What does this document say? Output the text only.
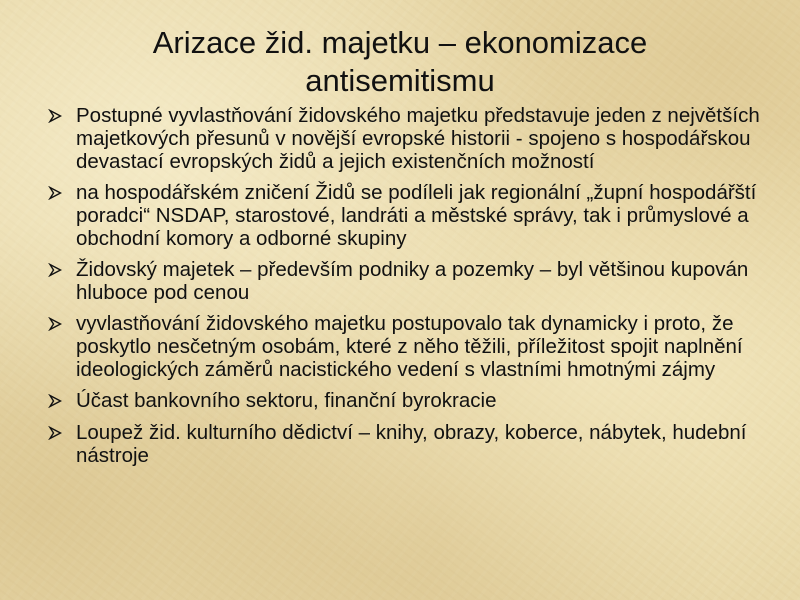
Arizace žid. majetku – ekonomizace
antisemitismu
Postupné vyvlastňování židovského majetku představuje jeden z největších majetkových přesunů v novější evropské historii - spojeno s hospodářskou devastací evropských židů a jejich existenčních možností
na hospodářském zničení Židů se podíleli jak regionální „župní hospodářští poradci“ NSDAP, starostové, landráti a městské správy, tak i průmyslové a obchodní komory a odborné skupiny
Židovský majetek – především podniky a pozemky – byl většinou kupován hluboce pod cenou
vyvlastňování židovského majetku postupovalo tak dynamicky i proto, že poskytlo nesčetným osobám, které z něho těžili, příležitost spojit naplnění ideologických záměrů nacistického vedení s vlastními hmotnými zájmy
Účast bankovního sektoru, finanční byrokracie
Loupež žid. kulturního dědictví – knihy, obrazy, koberce, nábytek, hudební nástroje
